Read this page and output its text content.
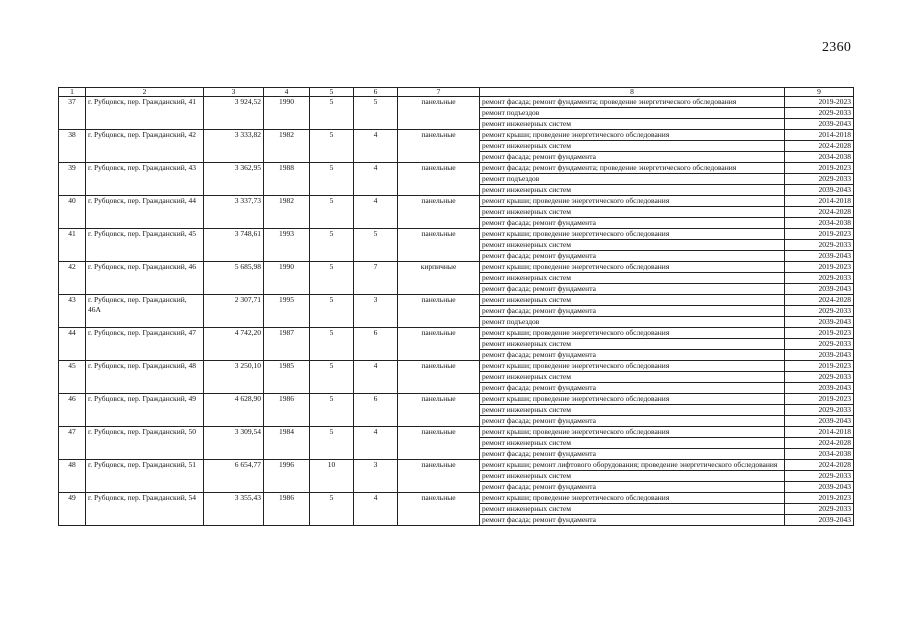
2360
1	2	3	4	5	6	7	8	9
37	г. Рубцовск, пер. Гражданский, 41	3 924,52	1990	5	5	панельные	ремонт фасада; ремонт фундамента; проведение энергетического обследования	2019-2023
							ремонт подъездов	2029-2033
							ремонт инженерных систем	2039-2043
38	г. Рубцовск, пер. Гражданский, 42	3 333,82	1982	5	4	панельные	ремонт крыши; проведение энергетического обследования	2014-2018
							ремонт инженерных систем	2024-2028
							ремонт фасада; ремонт фундамента	2034-2038
39	г. Рубцовск, пер. Гражданский, 43	3 362,95	1988	5	4	панельные	ремонт фасада; ремонт фундамента; проведение энергетического обследования	2019-2023
							ремонт подъездов	2029-2033
							ремонт инженерных систем	2039-2043
40	г. Рубцовск, пер. Гражданский, 44	3 337,73	1982	5	4	панельные	ремонт крыши; проведение энергетического обследования	2014-2018
							ремонт инженерных систем	2024-2028
							ремонт фасада; ремонт фундамента	2034-2038
41	г. Рубцовск, пер. Гражданский, 45	3 748,61	1993	5	5	панельные	ремонт крыши; проведение энергетического обследования	2019-2023
							ремонт инженерных систем	2029-2033
							ремонт фасада; ремонт фундамента	2039-2043
42	г. Рубцовск, пер. Гражданский, 46	5 685,98	1990	5	7	кирпичные	ремонт крыши; проведение энергетического обследования	2019-2023
							ремонт инженерных систем	2029-2033
							ремонт фасада; ремонт фундамента	2039-2043
43	г. Рубцовск, пер. Гражданский, 46А	2 307,71	1995	5	3	панельные	ремонт инженерных систем	2024-2028
							ремонт фасада; ремонт фундамента	2029-2033
							ремонт подъездов	2039-2043
44	г. Рубцовск, пер. Гражданский, 47	4 742,20	1987	5	6	панельные	ремонт крыши; проведение энергетического обследования	2019-2023
							ремонт инженерных систем	2029-2033
							ремонт фасада; ремонт фундамента	2039-2043
45	г. Рубцовск, пер. Гражданский, 48	3 250,10	1985	5	4	панельные	ремонт крыши; проведение энергетического обследования	2019-2023
							ремонт инженерных систем	2029-2033
							ремонт фасада; ремонт фундамента	2039-2043
46	г. Рубцовск, пер. Гражданский, 49	4 628,90	1986	5	6	панельные	ремонт крыши; проведение энергетического обследования	2019-2023
							ремонт инженерных систем	2029-2033
							ремонт фасада; ремонт фундамента	2039-2043
47	г. Рубцовск, пер. Гражданский, 50	3 309,54	1984	5	4	панельные	ремонт крыши; проведение энергетического обследования	2014-2018
							ремонт инженерных систем	2024-2028
							ремонт фасада; ремонт фундамента	2034-2038
48	г. Рубцовск, пер. Гражданский, 51	6 654,77	1996	10	3	панельные	ремонт крыши; ремонт лифтового оборудования; проведение энергетического обследования	2024-2028
							ремонт инженерных систем	2029-2033
							ремонт фасада; ремонт фундамента	2039-2043
49	г. Рубцовск, пер. Гражданский, 54	3 355,43	1986	5	4	панельные	ремонт крыши; проведение энергетического обследования	2019-2023
							ремонт инженерных систем	2029-2033
							ремонт фасада; ремонт фундамента	2039-2043
